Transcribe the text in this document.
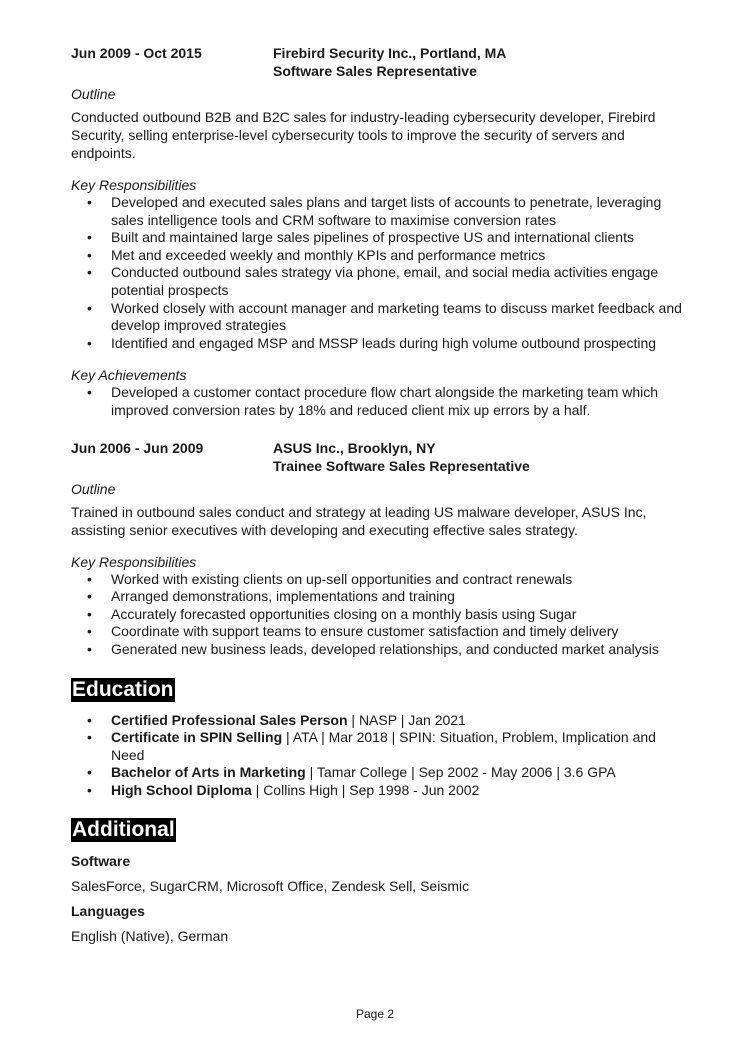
Jun 2009 - Oct 2015	Firebird Security Inc., Portland, MA
Software Sales Representative
Outline
Conducted outbound B2B and B2C sales for industry-leading cybersecurity developer, Firebird Security, selling enterprise-level cybersecurity tools to improve the security of servers and endpoints.
Key Responsibilities
• Developed and executed sales plans and target lists of accounts to penetrate, leveraging sales intelligence tools and CRM software to maximise conversion rates
• Built and maintained large sales pipelines of prospective US and international clients
• Met and exceeded weekly and monthly KPIs and performance metrics
• Conducted outbound sales strategy via phone, email, and social media activities engage potential prospects
• Worked closely with account manager and marketing teams to discuss market feedback and develop improved strategies
• Identified and engaged MSP and MSSP leads during high volume outbound prospecting
Key Achievements
• Developed a customer contact procedure flow chart alongside the marketing team which improved conversion rates by 18% and reduced client mix up errors by a half.
Jun 2006 - Jun 2009	ASUS Inc., Brooklyn, NY
Trainee Software Sales Representative
Outline
Trained in outbound sales conduct and strategy at leading US malware developer, ASUS Inc, assisting senior executives with developing and executing effective sales strategy.
Key Responsibilities
• Worked with existing clients on up-sell opportunities and contract renewals
• Arranged demonstrations, implementations and training
• Accurately forecasted opportunities closing on a monthly basis using Sugar
• Coordinate with support teams to ensure customer satisfaction and timely delivery
• Generated new business leads, developed relationships, and conducted market analysis
Education
• Certified Professional Sales Person | NASP | Jan 2021
• Certificate in SPIN Selling | ATA | Mar 2018 | SPIN: Situation, Problem, Implication and Need
• Bachelor of Arts in Marketing | Tamar College | Sep 2002 - May 2006 | 3.6 GPA
• High School Diploma | Collins High | Sep 1998 - Jun 2002
Additional
Software
SalesForce, SugarCRM, Microsoft Office, Zendesk Sell, Seismic
Languages
English (Native), German
Page 2
